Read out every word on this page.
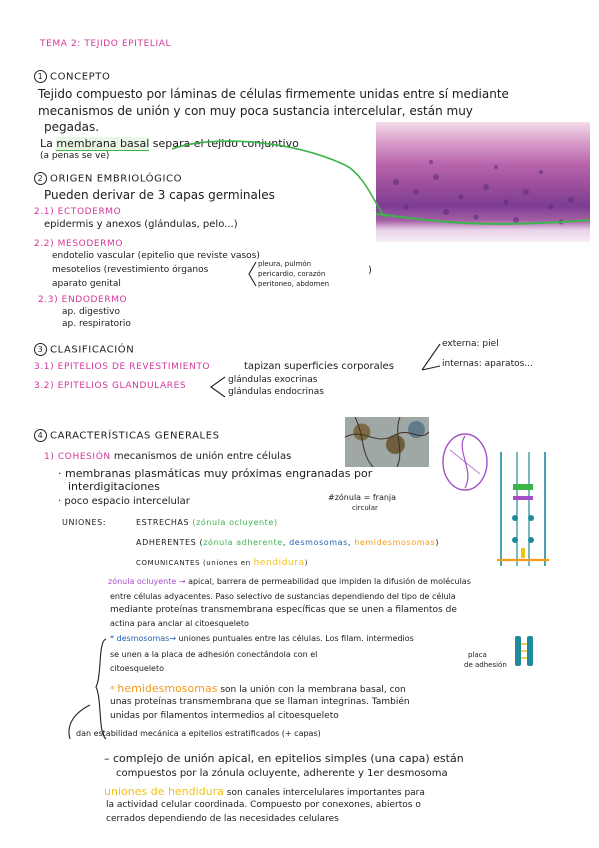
TEMA 2: TEJIDO EPITELIAL
1 CONCEPTO
Tejido compuesto por láminas de células firmemente unidas entre sí mediante
mecanismos de unión y con muy poca sustancia intercelular, están muy
pegadas.
La membrana basal separa el tejido conjuntivo
(a penas se ve)
2 ORIGEN EMBRIOLÓGICO
Pueden derivar de 3 capas germinales
2.1) ECTODERMO
epidermis y anexos (glándulas, pelo...)
2.2) MESODERMO
endotelio vascular (epitelio que reviste vasos)
mesotelios (revestimiento órganos
aparato genital
pleura, pulmón
pericardio, corazón
peritoneo, abdomen
)
2.3) ENDODERMO
ap. digestivo
ap. respiratorio
3 CLASIFICACIÓN
3.1) EPITELIOS DE REVESTIMIENTO	tapizan superficies corporales
externa: piel
internas: aparatos...
3.2) EPITELIOS GLANDULARES
glándulas exocrinas
glándulas endocrinas
4 CARACTERÍSTICAS GENERALES
1) COHESIÓN mecanismos de unión entre células
· membranas plasmáticas muy próximas engranadas por
interdigitaciones
· poco espacio intercelular	#zónula = franja
circular
UNIONES:	ESTRECHAS (zónula ocluyente)
ADHERENTES (zónula adherente, desmosomas, hemidesmosomas)
COMUNICANTES (uniones en hendidura)
zónula ocluyente → apical, barrera de permeabilidad que impiden la difusión de moléculas
entre células adyacentes. Paso selectivo de sustancias dependiendo del tipo de célula
mediante proteínas transmembrana específicas que se unen a filamentos de
actina para anclar al citoesqueleto
* desmosomas→ uniones puntuales entre las células. Los filam. intermedios
se unen a la placa de adhesión conectándola con el
citoesqueleto
placa
de adhesión
* hemidesmosomas son la unión con la membrana basal, con
unas proteínas transmembrana que se llaman integrinas. También
unidas por filamentos intermedios al citoesqueleto
dan estabilidad mecánica a epitelios estratificados (+ capas)
– complejo de unión apical, en epitelios simples (una capa) están
compuestos por la zónula ocluyente, adherente y 1er desmosoma
uniones de hendidura son canales intercelulares importantes para
la actividad celular coordinada. Compuesto por conexones, abiertos o
cerrados dependiendo de las necesidades celulares
